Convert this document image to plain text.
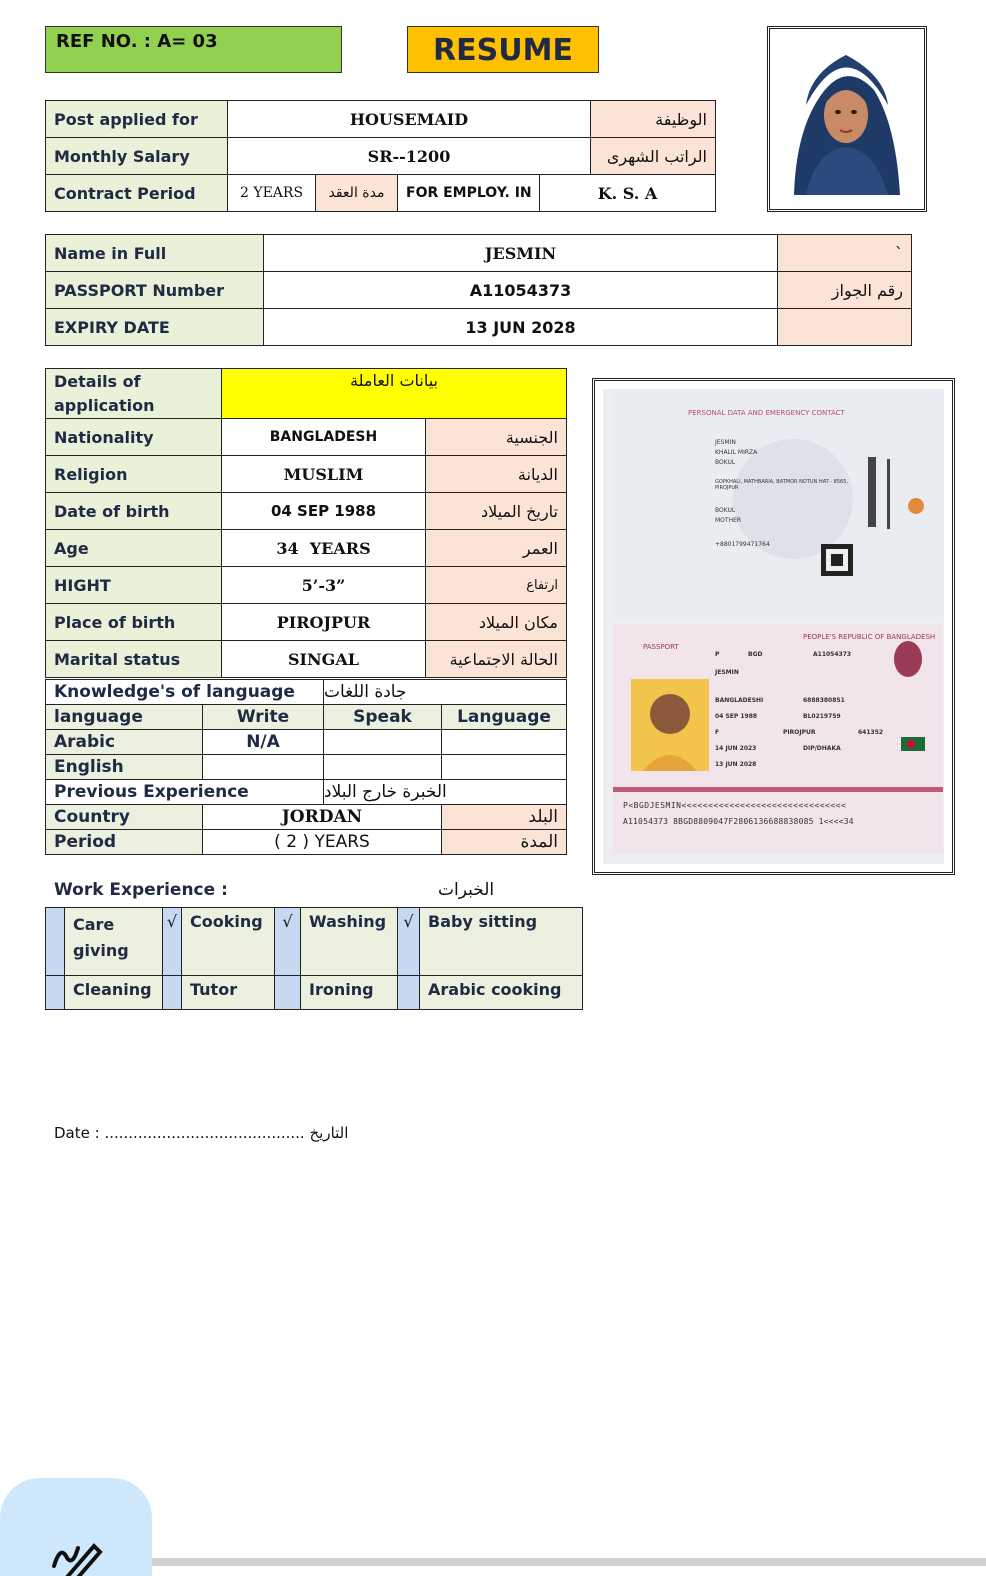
REF NO. : A= 03	RESUME
Post applied for	HOUSEMAID				الوظيفة
Monthly Salary	SR--1200				الراتب الشهرى
Contract Period	2 YEARS	مدة العقد	FOR EMPLOY. IN	K. S. A	
Name in Full	JESMIN	`
PASSPORT Number	A11054373	رقم الجواز
EXPIRY DATE	13 JUN 2028	
Details of application	بيانات العاملة	
Nationality	BANGLADESH	الجنسية
Religion	MUSLIM	الديانة
Date of birth	04 SEP 1988	تاريخ الميلاد
Age	34  YEARS	العمر
HIGHT	5’-3”	ارتفاع
Place of birth	PIROJPUR	مكان الميلاد
Marital status	SINGAL	الحالة الاجتماعية
Knowledge's of language		جادة اللغات	
language	Write	Speak	Language
Arabic	N/A		
English			
Previous Experience		الخبرة خارج البلاد	
Country	JORDAN		البلد
Period	( 2 ) YEARS		المدة
PERSONAL DATA AND EMERGENCY CONTACT
JESMIN
KHALIL MIRZA
BOKUL
GOPKHALI, MATHBARIA, BATMOR NOTUN HAT - 8565, PIROJPUR
BOKUL
MOTHER
+8801799471764
PEOPLE'S REPUBLIC OF BANGLADESH
PASSPORT
P	BGD	A11054373
JESMIN
BANGLADESHI	6888380851
04 SEP 1988	BL0219759
F	PIROJPUR	641352
14 JUN 2023	DIP/DHAKA
13 JUN 2028
P<BGDJESMIN<<<<<<<<<<<<<<<<<<<<<<<<<<<<<<<
A11054373 8BGD8809047F2806136688838085 1<<<<34
Work Experience :	الخبرات
	Care giving	√	Cooking	√	Washing	√	Baby sitting
	Cleaning		Tutor		Ironing		Arabic cooking
Date : .......................................... التاريخ
